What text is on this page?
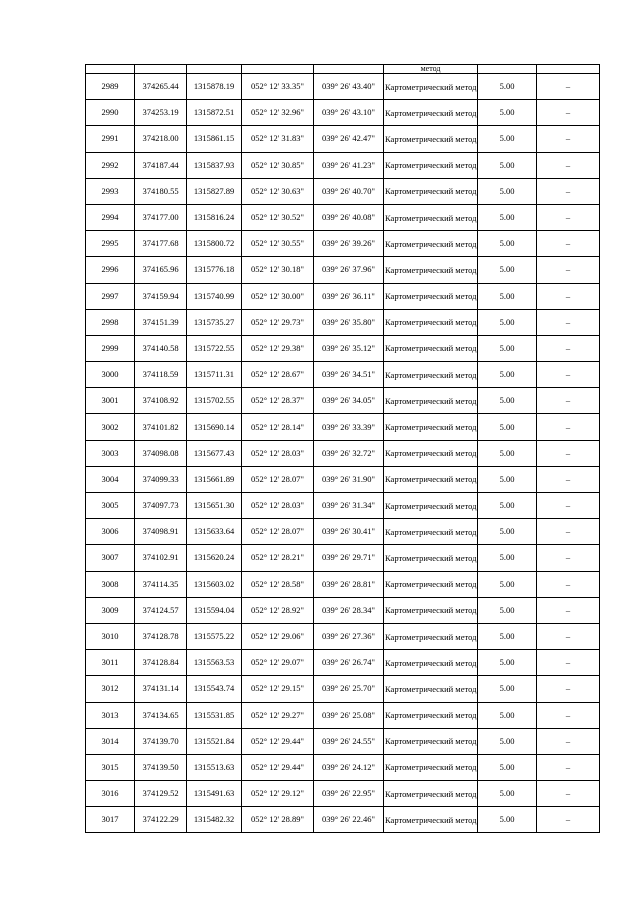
					метод		
2989	374265.44	1315878.19	052° 12' 33.35"	039° 26' 43.40"	Картометрический метод	5.00	–
2990	374253.19	1315872.51	052° 12' 32.96"	039° 26' 43.10"	Картометрический метод	5.00	–
2991	374218.00	1315861.15	052° 12' 31.83"	039° 26' 42.47"	Картометрический метод	5.00	–
2992	374187.44	1315837.93	052° 12' 30.85"	039° 26' 41.23"	Картометрический метод	5.00	–
2993	374180.55	1315827.89	052° 12' 30.63"	039° 26' 40.70"	Картометрический метод	5.00	–
2994	374177.00	1315816.24	052° 12' 30.52"	039° 26' 40.08"	Картометрический метод	5.00	–
2995	374177.68	1315800.72	052° 12' 30.55"	039° 26' 39.26"	Картометрический метод	5.00	–
2996	374165.96	1315776.18	052° 12' 30.18"	039° 26' 37.96"	Картометрический метод	5.00	–
2997	374159.94	1315740.99	052° 12' 30.00"	039° 26' 36.11"	Картометрический метод	5.00	–
2998	374151.39	1315735.27	052° 12' 29.73"	039° 26' 35.80"	Картометрический метод	5.00	–
2999	374140.58	1315722.55	052° 12' 29.38"	039° 26' 35.12"	Картометрический метод	5.00	–
3000	374118.59	1315711.31	052° 12' 28.67"	039° 26' 34.51"	Картометрический метод	5.00	–
3001	374108.92	1315702.55	052° 12' 28.37"	039° 26' 34.05"	Картометрический метод	5.00	–
3002	374101.82	1315690.14	052° 12' 28.14"	039° 26' 33.39"	Картометрический метод	5.00	–
3003	374098.08	1315677.43	052° 12' 28.03"	039° 26' 32.72"	Картометрический метод	5.00	–
3004	374099.33	1315661.89	052° 12' 28.07"	039° 26' 31.90"	Картометрический метод	5.00	–
3005	374097.73	1315651.30	052° 12' 28.03"	039° 26' 31.34"	Картометрический метод	5.00	–
3006	374098.91	1315633.64	052° 12' 28.07"	039° 26' 30.41"	Картометрический метод	5.00	–
3007	374102.91	1315620.24	052° 12' 28.21"	039° 26' 29.71"	Картометрический метод	5.00	–
3008	374114.35	1315603.02	052° 12' 28.58"	039° 26' 28.81"	Картометрический метод	5.00	–
3009	374124.57	1315594.04	052° 12' 28.92"	039° 26' 28.34"	Картометрический метод	5.00	–
3010	374128.78	1315575.22	052° 12' 29.06"	039° 26' 27.36"	Картометрический метод	5.00	–
3011	374128.84	1315563.53	052° 12' 29.07"	039° 26' 26.74"	Картометрический метод	5.00	–
3012	374131.14	1315543.74	052° 12' 29.15"	039° 26' 25.70"	Картометрический метод	5.00	–
3013	374134.65	1315531.85	052° 12' 29.27"	039° 26' 25.08"	Картометрический метод	5.00	–
3014	374139.70	1315521.84	052° 12' 29.44"	039° 26' 24.55"	Картометрический метод	5.00	–
3015	374139.50	1315513.63	052° 12' 29.44"	039° 26' 24.12"	Картометрический метод	5.00	–
3016	374129.52	1315491.63	052° 12' 29.12"	039° 26' 22.95"	Картометрический метод	5.00	–
3017	374122.29	1315482.32	052° 12' 28.89"	039° 26' 22.46"	Картометрический метод	5.00	–
